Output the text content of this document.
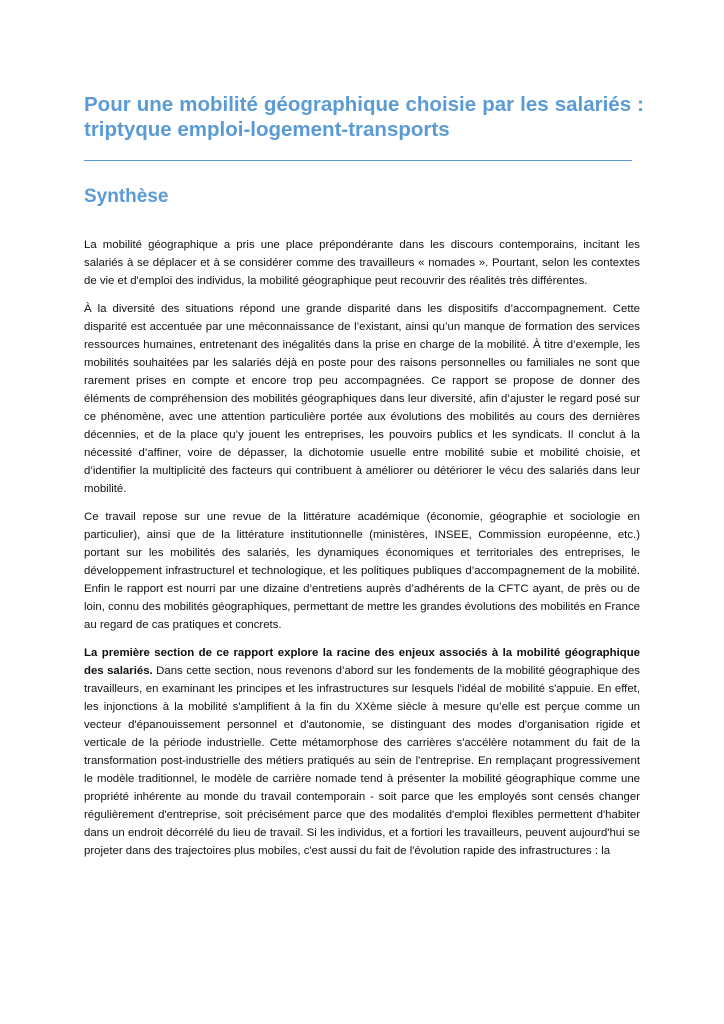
Pour une mobilité géographique choisie par les salariés : triptyque emploi-logement-transports
Synthèse

La mobilité géographique a pris une place prépondérante dans les discours contemporains, incitant les salariés à se déplacer et à se considérer comme des travailleurs « nomades ». Pourtant, selon les contextes de vie et d'emploi des individus, la mobilité géographique peut recouvrir des réalités très différentes.

À la diversité des situations répond une grande disparité dans les dispositifs d’accompagnement. Cette disparité est accentuée par une méconnaissance de l’existant, ainsi qu’un manque de formation des services ressources humaines, entretenant des inégalités dans la prise en charge de la mobilité. À titre d’exemple, les mobilités souhaitées par les salariés déjà en poste pour des raisons personnelles ou familiales ne sont que rarement prises en compte et encore trop peu accompagnées. Ce rapport se propose de donner des éléments de compréhension des mobilités géographiques dans leur diversité, afin d’ajuster le regard posé sur ce phénomène, avec une attention particulière portée aux évolutions des mobilités au cours des dernières décennies, et de la place qu’y jouent les entreprises, les pouvoirs publics et les syndicats. Il conclut à la nécessité d’affiner, voire de dépasser, la dichotomie usuelle entre mobilité subie et mobilité choisie, et d’identifier la multiplicité des facteurs qui contribuent à améliorer ou détériorer le vécu des salariés dans leur mobilité.

Ce travail repose sur une revue de la littérature académique (économie, géographie et sociologie en particulier), ainsi que de la littérature institutionnelle (ministères, INSEE, Commission européenne, etc.) portant sur les mobilités des salariés, les dynamiques économiques et territoriales des entreprises, le développement infrastructurel et technologique, et les politiques publiques d’accompagnement de la mobilité. Enfin le rapport est nourri par une dizaine d’entretiens auprès d’adhérents de la CFTC ayant, de près ou de loin, connu des mobilités géographiques, permettant de mettre les grandes évolutions des mobilités en France au regard de cas pratiques et concrets.

La première section de ce rapport explore la racine des enjeux associés à la mobilité géographique des salariés. Dans cette section, nous revenons d’abord sur les fondements de la mobilité géographique des travailleurs, en examinant les principes et les infrastructures sur lesquels l'idéal de mobilité s'appuie. En effet, les injonctions à la mobilité s'amplifient à la fin du XXème siècle à mesure qu’elle est perçue comme un vecteur d'épanouissement personnel et d'autonomie, se distinguant des modes d'organisation rigide et verticale de la période industrielle. Cette métamorphose des carrières s'accélère notamment du fait de la transformation post-industrielle des métiers pratiqués au sein de l'entreprise. En remplaçant progressivement le modèle traditionnel, le modèle de carrière nomade tend à présenter la mobilité géographique comme une propriété inhérente au monde du travail contemporain - soit parce que les employés sont censés changer régulièrement d'entreprise, soit précisément parce que des modalités d'emploi flexibles permettent d'habiter dans un endroit décorrélé du lieu de travail. Si les individus, et a fortiori les travailleurs, peuvent aujourd'hui se projeter dans des trajectoires plus mobiles, c'est aussi du fait de l'évolution rapide des infrastructures : la
